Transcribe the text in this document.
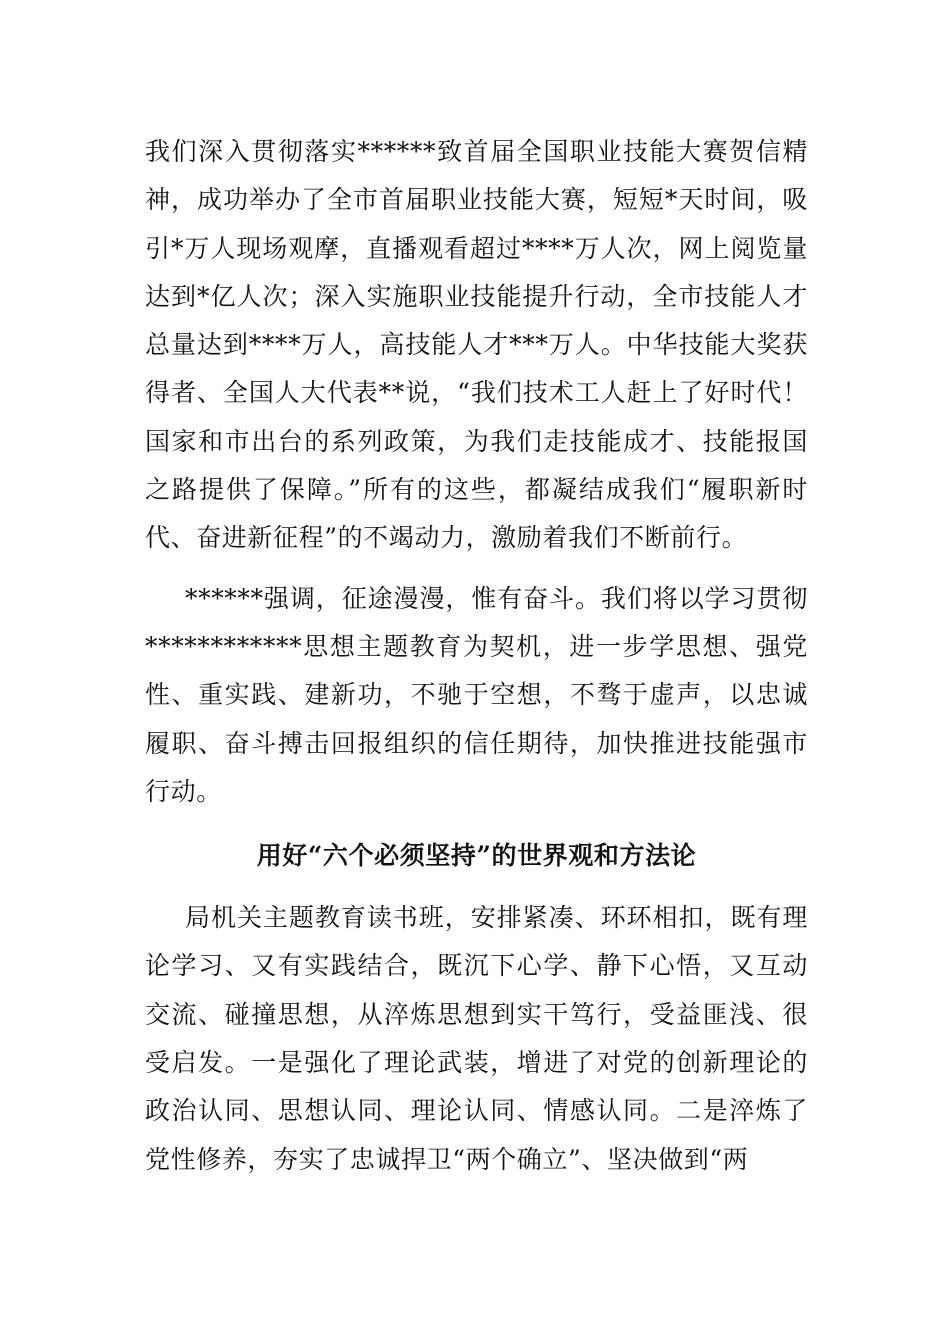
我们深入贯彻落实******致首届全国职业技能大赛贺信精神，成功举办了全市首届职业技能大赛，短短*天时间，吸引*万人现场观摩，直播观看超过****万人次，网上阅览量达到*亿人次；深入实施职业技能提升行动，全市技能人才总量达到****万人，高技能人才***万人。中华技能大奖获得者、全国人大代表**说，“我们技术工人赶上了好时代！国家和市出台的系列政策，为我们走技能成才、技能报国之路提供了保障。”所有的这些，都凝结成我们“履职新时代、奋进新征程”的不竭动力，激励着我们不断前行。

******强调，征途漫漫，惟有奋斗。我们将以学习贯彻************思想主题教育为契机，进一步学思想、强党性、重实践、建新功，不驰于空想，不骛于虚声，以忠诚履职、奋斗搏击回报组织的信任期待，加快推进技能强市行动。

用好“六个必须坚持”的世界观和方法论

局机关主题教育读书班，安排紧凑、环环相扣，既有理论学习、又有实践结合，既沉下心学、静下心悟，又互动交流、碰撞思想，从淬炼思想到实干笃行，受益匪浅、很受启发。一是强化了理论武装，增进了对党的创新理论的政治认同、思想认同、理论认同、情感认同。二是淬炼了党性修养，夯实了忠诚捍卫“两个确立”、坚决做到“两
